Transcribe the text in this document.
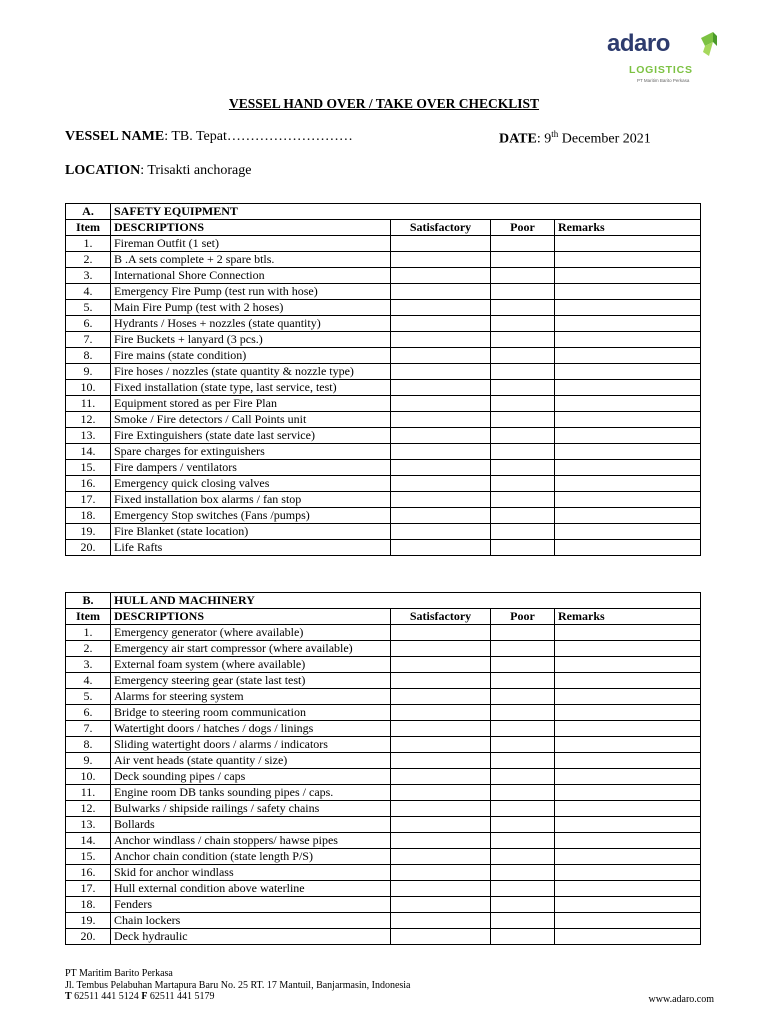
adaro
LOGISTICS
PT Maritim Barito Perkasa
VESSEL HAND OVER / TAKE OVER CHECKLIST
VESSEL NAME: TB. Tepat………………………	DATE: 9th December 2021
LOCATION: Trisakti anchorage
A.	SAFETY EQUIPMENT			
Item	DESCRIPTIONS	Satisfactory	Poor	Remarks
1.	Fireman Outfit (1 set)			
2.	B .A sets complete + 2 spare btls.			
3.	International Shore Connection			
4.	Emergency Fire Pump (test run with hose)			
5.	Main Fire Pump (test with 2 hoses)			
6.	Hydrants / Hoses + nozzles (state quantity)			
7.	Fire Buckets + lanyard (3 pcs.)			
8.	Fire mains (state condition)			
9.	Fire hoses / nozzles (state quantity & nozzle type)			
10.	Fixed installation (state type, last service, test)			
11.	Equipment stored as per Fire Plan			
12.	Smoke / Fire detectors / Call Points unit			
13.	Fire Extinguishers (state date last service)			
14.	Spare charges for extinguishers			
15.	Fire dampers / ventilators			
16.	Emergency quick closing valves			
17.	Fixed installation box alarms / fan stop			
18.	Emergency Stop switches (Fans /pumps)			
19.	Fire Blanket (state location)			
20.	Life Rafts			
B.	HULL AND MACHINERY			
Item	DESCRIPTIONS	Satisfactory	Poor	Remarks
1.	Emergency generator (where available)			
2.	Emergency air start compressor (where available)			
3.	External foam system (where available)			
4.	Emergency steering gear (state last test)			
5.	Alarms for steering system			
6.	Bridge to steering room communication			
7.	Watertight doors / hatches / dogs / linings			
8.	Sliding watertight doors / alarms / indicators			
9.	Air vent heads (state quantity / size)			
10.	Deck sounding pipes / caps			
11.	Engine room DB tanks sounding pipes / caps.			
12.	Bulwarks / shipside railings / safety chains			
13.	Bollards			
14.	Anchor windlass / chain stoppers/ hawse pipes			
15.	Anchor chain condition (state length P/S)			
16.	Skid for anchor windlass			
17.	Hull external condition above waterline			
18.	Fenders			
19.	Chain lockers			
20.	Deck hydraulic			
PT Maritim Barito Perkasa
Jl. Tembus Pelabuhan Martapura Baru No. 25 RT. 17 Mantuil, Banjarmasin, Indonesia
T 62511 441 5124 F 62511 441 5179	www.adaro.com
